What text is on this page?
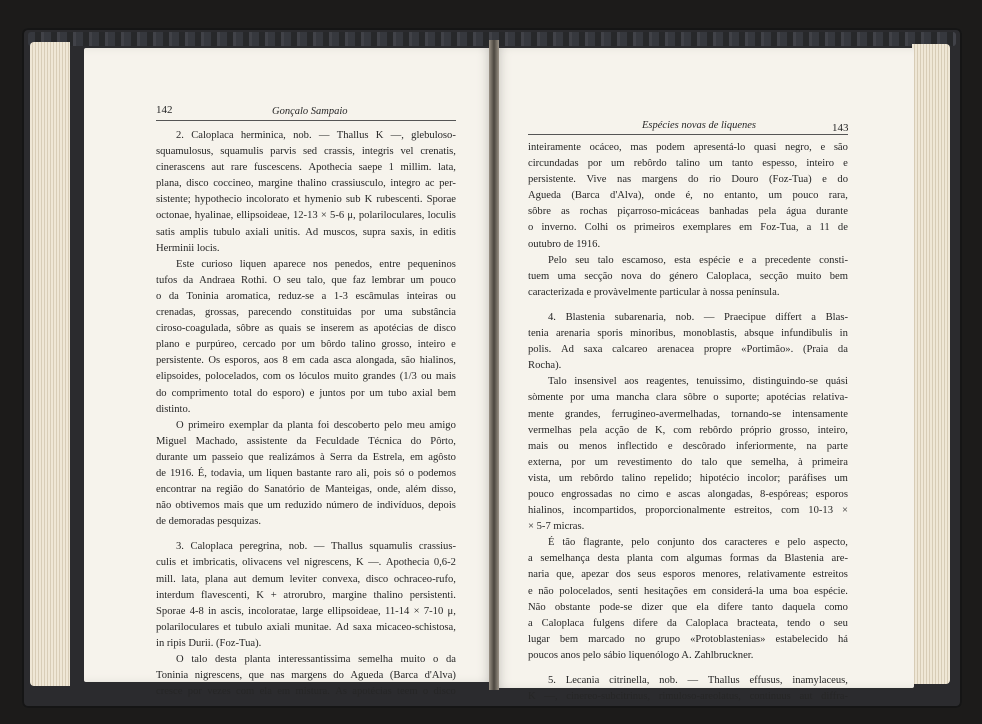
142	Gonçalo Sampaio
2. Caloplaca herminica, nob. — Thallus K —, glebuloso-
squamulosus, squamulis parvis sed crassis, integris vel crenatis,
cinerascens aut rare fuscescens. Apothecia saepe 1 millim. lata,
plana, disco coccineo, margine thalino crassiusculo, integro ac per-
sistente; hypothecio incolorato et hymenio sub K rubescenti. Sporae
octonae, hyalinae, ellipsoideae, 12-13 × 5-6 μ, polariloculares, loculis
satis amplis tubulo axiali unitis. Ad muscos, supra saxis, in editis
Herminii locis.
Este curioso liquen aparece nos penedos, entre pequeninos
tufos da Andraea Rothi. O seu talo, que faz lembrar um pouco
o da Toninia aromatica, reduz-se a 1-3 escâmulas inteiras ou
crenadas, grossas, parecendo constituidas por uma substância
ciroso-coagulada, sôbre as quais se inserem as apotécias de disco
plano e purpúreo, cercado por um bôrdo talino grosso, inteiro e
persistente. Os esporos, aos 8 em cada asca alongada, são hialinos,
elipsoides, polocelados, com os lóculos muito grandes (1/3 ou mais
do comprimento total do esporo) e juntos por um tubo axial bem
distinto.
O primeiro exemplar da planta foi descoberto pelo meu amigo
Miguel Machado, assistente da Feculdade Técnica do Pôrto,
durante um passeio que realizámos à Serra da Estrela, em agôsto
de 1916. É, todavia, um liquen bastante raro ali, pois só o podemos
encontrar na região do Sanatório de Manteigas, onde, além disso,
não obtivemos mais que um reduzido número de indivíduos, depois
de demoradas pesquizas.
3. Caloplaca peregrina, nob. — Thallus squamulis crassius-
culis et imbricatis, olivacens vel nigrescens, K —. Apothecia 0,6-2
mill. lata, plana aut demum leviter convexa, disco ochraceo-rufo,
interdum flavescenti, K + atrorubro, margine thalino persistenti.
Sporae 4-8 in ascis, incoloratae, large ellipsoideae, 11-14 × 7-10 μ,
polariloculares et tubulo axiali munitae. Ad saxa micaceo-schistosa,
in ripis Durii. (Foz-Tua).
O talo desta planta interessantissima semelha muito o da
Toninia nigrescens, que nas margens do Agueda (Barca d'Alva)
cresce por vezes com ela em mistura. As apotécias teem o disco
Espécies novas de liquenes	143
inteiramente ocáceo, mas podem apresentá-lo quasi negro, e são
circundadas por um rebôrdo talino um tanto espesso, inteiro e
persistente. Vive nas margens do rio Douro (Foz-Tua) e do
Agueda (Barca d'Alva), onde é, no entanto, um pouco rara,
sôbre as rochas piçarroso-micáceas banhadas pela água durante
o inverno. Colhi os primeiros exemplares em Foz-Tua, a 11 de
outubro de 1916.
Pelo seu talo escamoso, esta espécie e a precedente consti-
tuem uma secção nova do género Caloplaca, secção muito bem
caracterizada e provàvelmente particular à nossa península.
4. Blastenia subarenaria, nob. — Praecipue differt a Blas-
tenia arenaria sporis minoribus, monoblastis, absque infundibulis in
polis. Ad saxa calcareo arenacea propre «Portimão». (Praia da
Rocha).
Talo insensivel aos reagentes, tenuissimo, distinguindo-se quási
sòmente por uma mancha clara sôbre o suporte; apotécias relativa-
mente grandes, ferrugineo-avermelhadas, tornando-se intensamente
vermelhas pela acção de K, com rebôrdo próprio grosso, inteiro,
mais ou menos inflectido e descôrado inferiormente, na parte
externa, por um revestimento do talo que semelha, à primeira
vista, um rebôrdo talino repelido; hipotécio incolor; paráfises um
pouco engrossadas no cimo e ascas alongadas, 8-espóreas; esporos
hialinos, incompartidos, proporcionalmente estreitos, com 10-13 ×
× 5-7 micras.
É tão flagrante, pelo conjunto dos caracteres e pelo aspecto,
a semelhança desta planta com algumas formas da Blastenia are-
naria que, apezar dos seus esporos menores, relativamente estreitos
e não polocelados, senti hesitações em considerá-la uma boa espécie.
Não obstante pode-se dizer que ela difere tanto daquela como
a Caloplaca fulgens difere da Caloplaca bracteata, tendo o seu
lugar bem marcado no grupo «Protoblastenias» estabelecido há
poucos anos pelo sábio liquenólogo A. Zahlbruckner.
5. Lecania citrinella, nob. — Thallus effusus, inamylaceus,
K —, cinereo-subcitrinus, rimuloso-areolatus, continuus aut diffra-
